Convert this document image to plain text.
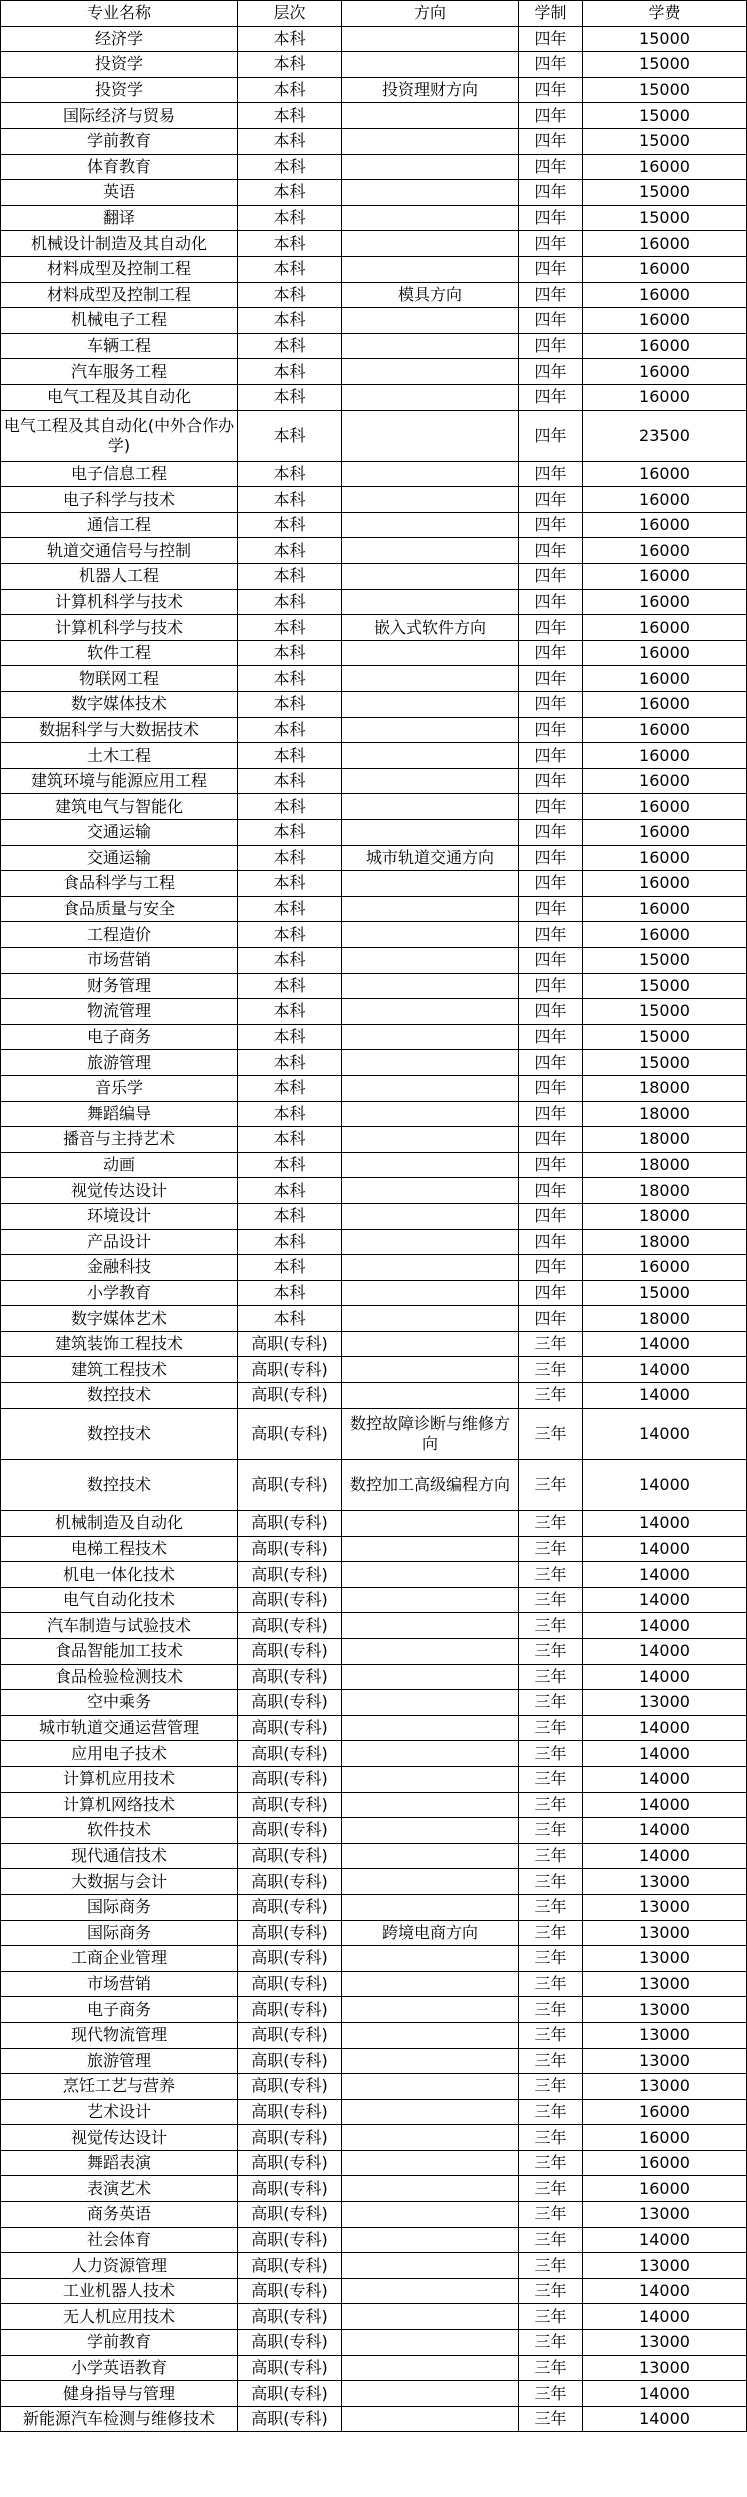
专业名称	层次	方向	学制	学费
经济学	本科		四年	15000
投资学	本科		四年	15000
投资学	本科	投资理财方向	四年	15000
国际经济与贸易	本科		四年	15000
学前教育	本科		四年	15000
体育教育	本科		四年	16000
英语	本科		四年	15000
翻译	本科		四年	15000
机械设计制造及其自动化	本科		四年	16000
材料成型及控制工程	本科		四年	16000
材料成型及控制工程	本科	模具方向	四年	16000
机械电子工程	本科		四年	16000
车辆工程	本科		四年	16000
汽车服务工程	本科		四年	16000
电气工程及其自动化	本科		四年	16000
电气工程及其自动化(中外合作办学)	本科		四年	23500
电子信息工程	本科		四年	16000
电子科学与技术	本科		四年	16000
通信工程	本科		四年	16000
轨道交通信号与控制	本科		四年	16000
机器人工程	本科		四年	16000
计算机科学与技术	本科		四年	16000
计算机科学与技术	本科	嵌入式软件方向	四年	16000
软件工程	本科		四年	16000
物联网工程	本科		四年	16000
数字媒体技术	本科		四年	16000
数据科学与大数据技术	本科		四年	16000
土木工程	本科		四年	16000
建筑环境与能源应用工程	本科		四年	16000
建筑电气与智能化	本科		四年	16000
交通运输	本科		四年	16000
交通运输	本科	城市轨道交通方向	四年	16000
食品科学与工程	本科		四年	16000
食品质量与安全	本科		四年	16000
工程造价	本科		四年	16000
市场营销	本科		四年	15000
财务管理	本科		四年	15000
物流管理	本科		四年	15000
电子商务	本科		四年	15000
旅游管理	本科		四年	15000
音乐学	本科		四年	18000
舞蹈编导	本科		四年	18000
播音与主持艺术	本科		四年	18000
动画	本科		四年	18000
视觉传达设计	本科		四年	18000
环境设计	本科		四年	18000
产品设计	本科		四年	18000
金融科技	本科		四年	16000
小学教育	本科		四年	15000
数字媒体艺术	本科		四年	18000
建筑装饰工程技术	高职(专科)		三年	14000
建筑工程技术	高职(专科)		三年	14000
数控技术	高职(专科)		三年	14000
数控技术	高职(专科)	数控故障诊断与维修方向	三年	14000
数控技术	高职(专科)	数控加工高级编程方向	三年	14000
机械制造及自动化	高职(专科)		三年	14000
电梯工程技术	高职(专科)		三年	14000
机电一体化技术	高职(专科)		三年	14000
电气自动化技术	高职(专科)		三年	14000
汽车制造与试验技术	高职(专科)		三年	14000
食品智能加工技术	高职(专科)		三年	14000
食品检验检测技术	高职(专科)		三年	14000
空中乘务	高职(专科)		三年	13000
城市轨道交通运营管理	高职(专科)		三年	14000
应用电子技术	高职(专科)		三年	14000
计算机应用技术	高职(专科)		三年	14000
计算机网络技术	高职(专科)		三年	14000
软件技术	高职(专科)		三年	14000
现代通信技术	高职(专科)		三年	14000
大数据与会计	高职(专科)		三年	13000
国际商务	高职(专科)		三年	13000
国际商务	高职(专科)	跨境电商方向	三年	13000
工商企业管理	高职(专科)		三年	13000
市场营销	高职(专科)		三年	13000
电子商务	高职(专科)		三年	13000
现代物流管理	高职(专科)		三年	13000
旅游管理	高职(专科)		三年	13000
烹饪工艺与营养	高职(专科)		三年	13000
艺术设计	高职(专科)		三年	16000
视觉传达设计	高职(专科)		三年	16000
舞蹈表演	高职(专科)		三年	16000
表演艺术	高职(专科)		三年	16000
商务英语	高职(专科)		三年	13000
社会体育	高职(专科)		三年	14000
人力资源管理	高职(专科)		三年	13000
工业机器人技术	高职(专科)		三年	14000
无人机应用技术	高职(专科)		三年	14000
学前教育	高职(专科)		三年	13000
小学英语教育	高职(专科)		三年	13000
健身指导与管理	高职(专科)		三年	14000
新能源汽车检测与维修技术	高职(专科)		三年	14000
